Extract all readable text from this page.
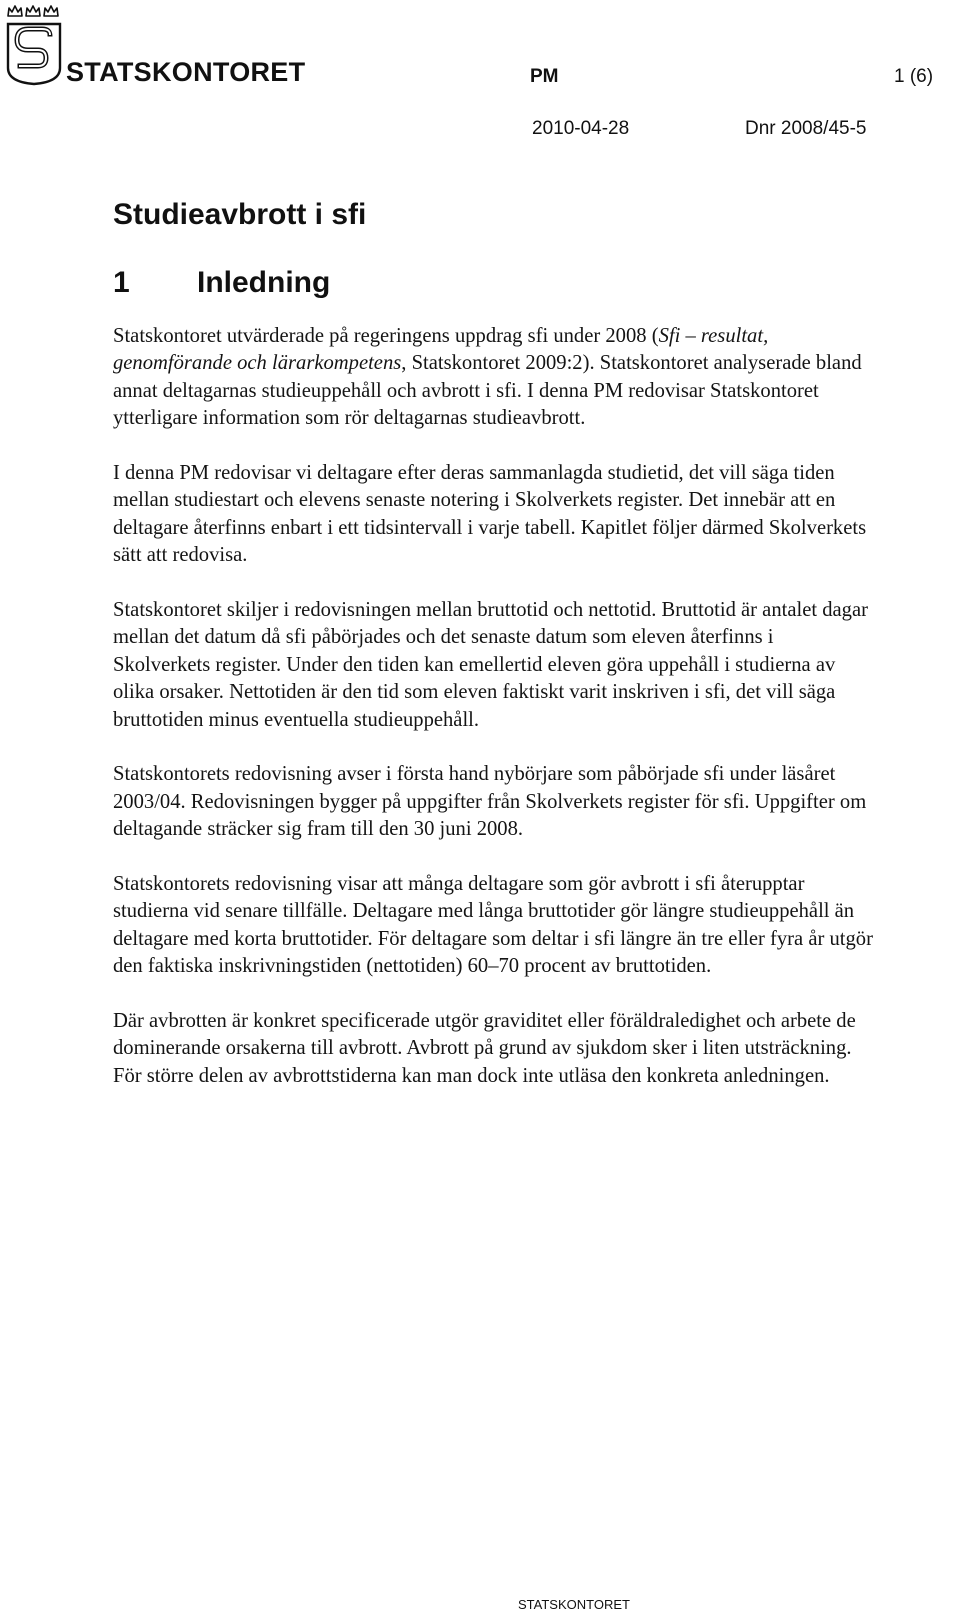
STATSKONTORET	PM	1 (6)
2010-04-28	Dnr 2008/45-5
Studieavbrott i sfi
1 Inledning

Statskontoret utvärderade på regeringens uppdrag sfi under 2008 (Sfi – resultat, genomförande och lärarkompetens, Statskontoret 2009:2). Statskontoret analyserade bland annat deltagarnas studieuppehåll och avbrott i sfi. I denna PM redovisar Statskontoret ytterligare information som rör deltagarnas studieavbrott.

I denna PM redovisar vi deltagare efter deras sammanlagda studietid, det vill säga tiden mellan studiestart och elevens senaste notering i Skolverkets register. Det innebär att en deltagare återfinns enbart i ett tidsintervall i varje tabell. Kapitlet följer därmed Skolverkets sätt att redovisa.

Statskontoret skiljer i redovisningen mellan bruttotid och nettotid. Bruttotid är antalet dagar mellan det datum då sfi påbörjades och det senaste datum som eleven återfinns i Skolverkets register. Under den tiden kan emellertid eleven göra uppehåll i studierna av olika orsaker. Nettotiden är den tid som eleven faktiskt varit inskriven i sfi, det vill säga bruttotiden minus eventuella studieuppehåll.

Statskontorets redovisning avser i första hand nybörjare som påbörjade sfi under läsåret 2003/04. Redovisningen bygger på uppgifter från Skolverkets register för sfi. Uppgifter om deltagande sträcker sig fram till den 30 juni 2008.

Statskontorets redovisning visar att många deltagare som gör avbrott i sfi återupptar studierna vid senare tillfälle. Deltagare med långa bruttotider gör längre studieuppehåll än deltagare med korta bruttotider. För deltagare som deltar i sfi längre än tre eller fyra år utgör den faktiska inskrivningstiden (nettotiden) 60–70 procent av bruttotiden.

Där avbrotten är konkret specificerade utgör graviditet eller föräldraledighet och arbete de dominerande orsakerna till avbrott. Avbrott på grund av sjukdom sker i liten utsträckning. För större delen av avbrottstiderna kan man dock inte utläsa den konkreta anledningen.

STATSKONTORET
